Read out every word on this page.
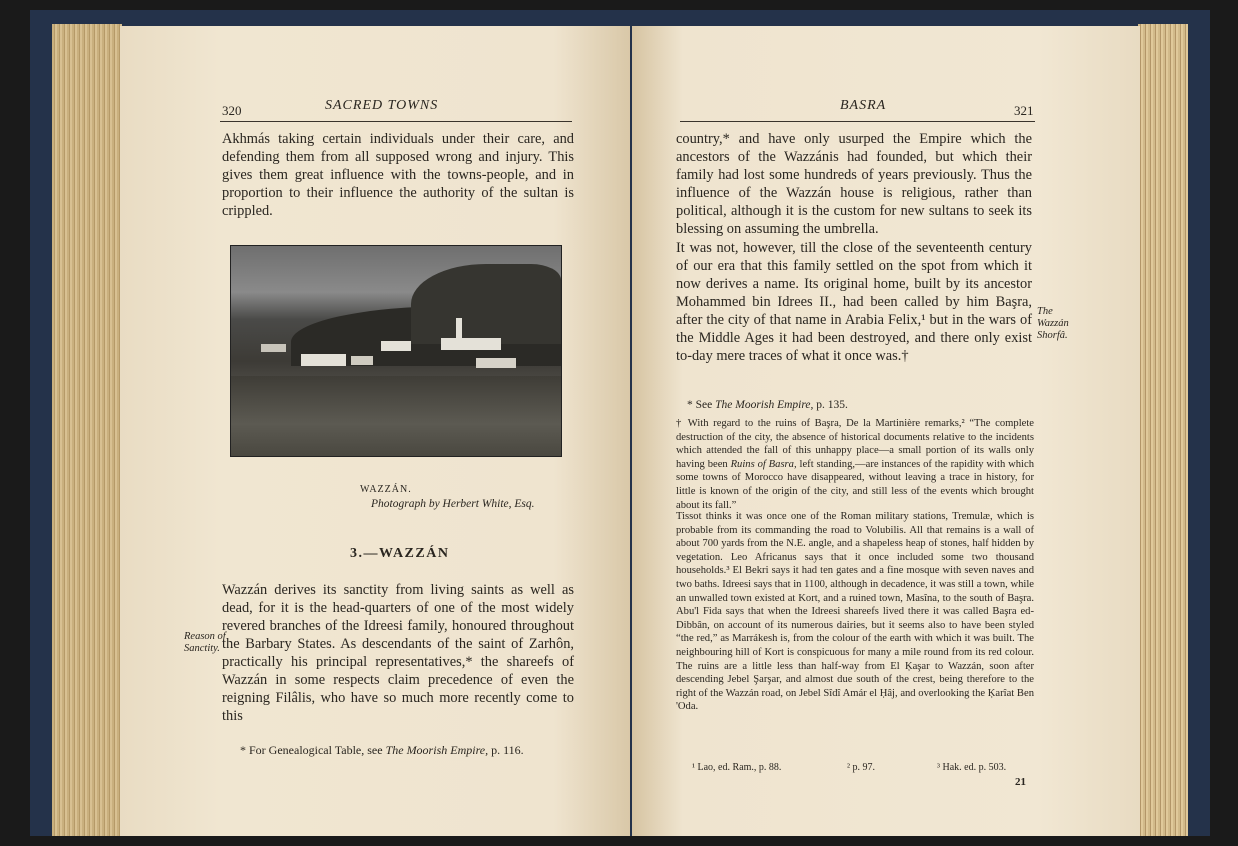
320	SACRED TOWNS
Akhmás taking certain individuals under their care, and defending them from all supposed wrong and injury. This gives them great influence with the towns-people, and in proportion to their influence the authority of the sultan is crippled.
WAZZÁN.
Photograph by Herbert White, Esq.
3.—WAZZÁN
Wazzán derives its sanctity from living saints as well as dead, for it is the head-quarters of one of the most widely revered branches of the Idreesi family, honoured throughout the Barbary States. As descendants of the saint of Zarhôn, practically his principal representatives,* the shareefs of Wazzán in some respects claim precedence of even the reigning Filâlis, who have so much more recently come to this
Reason of Sanctity.
* For Genealogical Table, see The Moorish Empire, p. 116.
BASRA	321
country,* and have only usurped the Empire which the ancestors of the Wazzánis had founded, but which their family had lost some hundreds of years previously. Thus the influence of the Wazzán house is religious, rather than political, although it is the custom for new sultans to seek its blessing on assuming the umbrella.
It was not, however, till the close of the seventeenth century of our era that this family settled on the spot from which it now derives a name. Its original home, built by its ancestor Mohammed bin Idrees II., had been called by him Başra, after the city of that name in Arabia Felix,¹ but in the wars of the Middle Ages it had been destroyed, and there only exist to-day mere traces of what it once was.†
The Wazzán Shorfâ.
* See The Moorish Empire, p. 135.
† With regard to the ruins of Başra, De la Martinière remarks,² “The complete destruction of the city, the absence of historical documents relative to the incidents which attended the fall of this unhappy place—a small portion of its walls only having been Ruins of Basra, left standing,—are instances of the rapidity with which some towns of Morocco have disappeared, without leaving a trace in history, for little is known of the origin of the city, and still less of the events which brought about its fall.”
Tissot thinks it was once one of the Roman military stations, Tremulæ, which is probable from its commanding the road to Volubilis. All that remains is a wall of about 700 yards from the N.E. angle, and a shapeless heap of stones, half hidden by vegetation. Leo Africanus says that it once included some two thousand households.³ El Bekri says it had ten gates and a fine mosque with seven naves and two baths. Idreesi says that in 1100, although in decadence, it was still a town, while an unwalled town existed at Kort, and a ruined town, Masîna, to the south of Başra. Abu'l Fida says that when the Idreesi shareefs lived there it was called Başra ed-Dibbân, on account of its numerous dairies, but it seems also to have been styled “the red,” as Marrákesh is, from the colour of the earth with which it was built. The neighbouring hill of Kort is conspicuous for many a mile round from its red colour. The ruins are a little less than half-way from El Ķaşar to Wazzán, soon after descending Jebel Şarşar, and almost due south of the crest, being therefore to the right of the Wazzán road, on Jebel Sîdî Amár el Ḥâj, and overlooking the Ķarîat Ben 'Oda.
¹ Lao, ed. Ram., p. 88.	² p. 97.	³ Hak. ed. p. 503.
21
